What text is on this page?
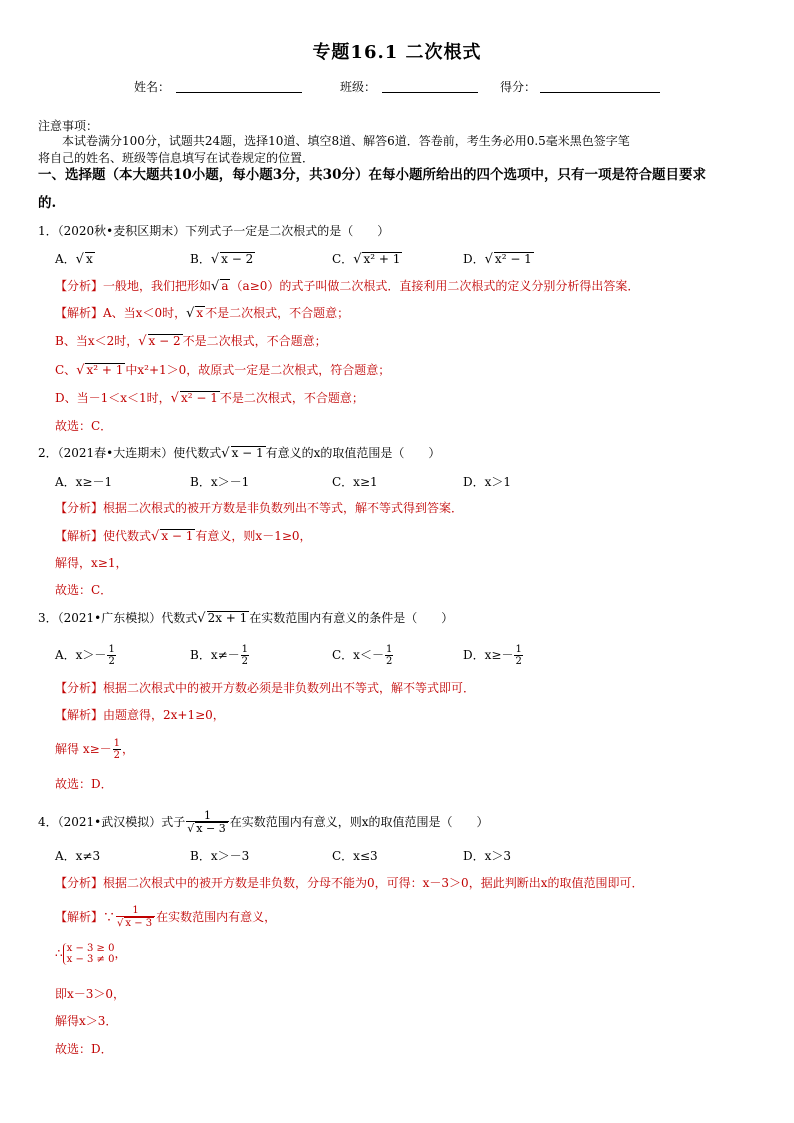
专题16.1 二次根式
姓名：	班级：	得分：
注意事项：
本试卷满分100分，试题共24题，选择10道、填空8道、解答6道．答卷前，考生务必用0.5毫米黑色签字笔
将自己的姓名、班级等信息填写在试卷规定的位置．
一、选择题（本大题共10小题，每小题3分，共30分）在每小题所给出的四个选项中，只有一项是符合题目要求
的.
1．（2020秋•麦积区期末）下列式子一定是二次根式的是（　　）
A．√ x	B．√ x − 2	C．√ x² + 1	D．√ x² − 1
【分析】一般地，我们把形如√ a （a≥0）的式子叫做二次根式．直接利用二次根式的定义分别分析得出答案．
【解析】A、当x＜0时，√ x 不是二次根式，不合题意；
B、当x＜2时，√ x − 2 不是二次根式，不合题意；
C、√ x² + 1 中x²+1＞0，故原式一定是二次根式，符合题意；
D、当－1＜x＜1时，√ x² − 1 不是二次根式，不合题意；
故选：C．
2．（2021春•大连期末）使代数式√ x − 1 有意义的x的取值范围是（　　）
A．x≥－1	B．x＞－1	C．x≥1	D．x＞1
【分析】根据二次根式的被开方数是非负数列出不等式，解不等式得到答案．
【解析】使代数式√ x − 1 有意义，则x－1≥0，
解得，x≥1，
故选：C．
3．（2021•广东模拟）代数式√ 2x + 1 在实数范围内有意义的条件是（　　）
A．$x>- \frac{1}{2}$	B．$x\ne- \frac{1}{2}$	C．$x<- \frac{1}{2}$	D．$x\ge- \frac{1}{2}$
【分析】根据二次根式中的被开方数必须是非负数列出不等式，解不等式即可．
【解析】由题意得，2x+1≥0，
解得 $x\ge- \frac{1}{2}$ ，
故选：D．
4．（2021•武汉模拟）式子 $\frac{1}{√ x - 3}$ 在实数范围内有意义，则x的取值范围是（　　）
A．x≠3	B．x＞－3	C．x≤3	D．x＞3
【分析】根据二次根式中的被开方数是非负数，分母不能为0，可得：x－3＞0，据此判断出x的取值范围即可．
【解析】∵ $\frac{1}{√ x - 3}$ 在实数范围内有意义，
∴ x − 3 ≥ 0
x − 3 ≠ 0 ，
即x－3＞0，
解得x＞3．
故选：D．
